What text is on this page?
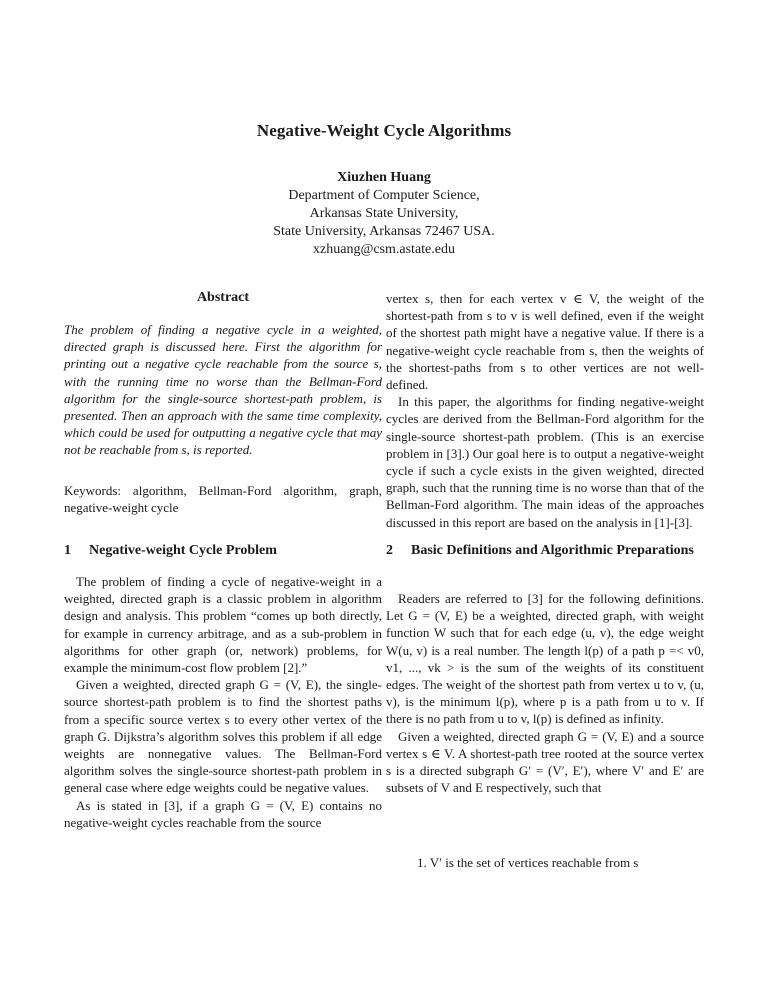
Negative-Weight Cycle Algorithms
Xiuzhen Huang
Department of Computer Science,
Arkansas State University,
State University, Arkansas 72467 USA.
xzhuang@csm.astate.edu
Abstract

The problem of finding a negative cycle in a weighted, directed graph is discussed here. First the algorithm for printing out a negative cycle reachable from the source s, with the running time no worse than the Bellman-Ford algorithm for the single-source shortest-path problem, is presented. Then an approach with the same time complexity, which could be used for outputting a negative cycle that may not be reachable from s, is reported.

Keywords: algorithm, Bellman-Ford algorithm, graph, negative-weight cycle

1	Negative-weight Cycle Problem

The problem of finding a cycle of negative-weight in a weighted, directed graph is a classic problem in algorithm design and analysis. This problem “comes up both directly, for example in currency arbitrage, and as a sub-problem in algorithms for other graph (or, network) problems, for example the minimum-cost flow problem [2].”

Given a weighted, directed graph G = (V, E), the single-source shortest-path problem is to find the shortest paths from a specific source vertex s to every other vertex of the graph G. Dijkstra’s algorithm solves this problem if all edge weights are nonnegative values. The Bellman-Ford algorithm solves the single-source shortest-path problem in general case where edge weights could be negative values.

As is stated in [3], if a graph G = (V, E) contains no negative-weight cycles reachable from the source

vertex s, then for each vertex v ∈ V, the weight of the shortest-path from s to v is well defined, even if the weight of the shortest path might have a negative value. If there is a negative-weight cycle reachable from s, then the weights of the shortest-paths from s to other vertices are not well-defined.

In this paper, the algorithms for finding negative-weight cycles are derived from the Bellman-Ford algorithm for the single-source shortest-path problem. (This is an exercise problem in [3].) Our goal here is to output a negative-weight cycle if such a cycle exists in the given weighted, directed graph, such that the running time is no worse than that of the Bellman-Ford algorithm. The main ideas of the approaches discussed in this report are based on the analysis in [1]-[3].

2	Basic Definitions and Algorithmic Preparations

Readers are referred to [3] for the following definitions. Let G = (V, E) be a weighted, directed graph, with weight function W such that for each edge (u, v), the edge weight W(u, v) is a real number. The length l(p) of a path p =< v0, v1, ..., vk > is the sum of the weights of its constituent edges. The weight of the shortest path from vertex u to v, (u, v), is the minimum l(p), where p is a path from u to v. If there is no path from u to v, l(p) is defined as infinity.

Given a weighted, directed graph G = (V, E) and a source vertex s ∈ V. A shortest-path tree rooted at the source vertex s is a directed subgraph G′ = (V′, E′), where V′ and E′ are subsets of V and E respectively, such that

1. V′ is the set of vertices reachable from s
